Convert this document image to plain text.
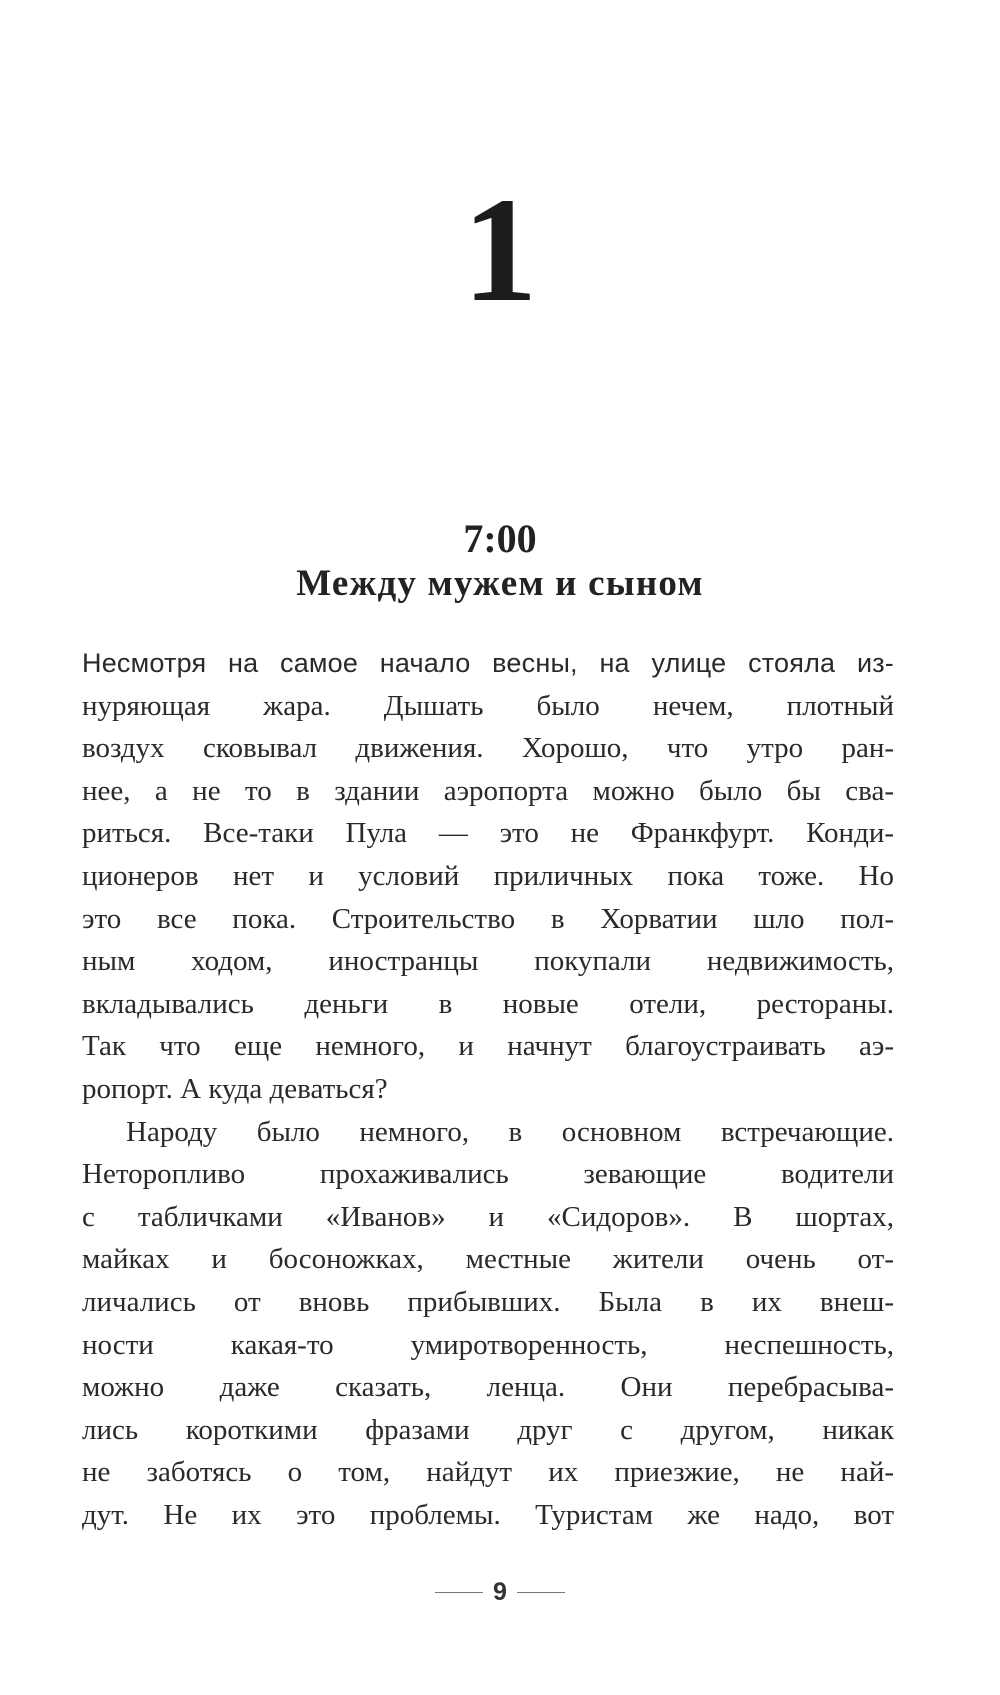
1
7:00
Между мужем и сыном
Несмотря на самое начало весны, на улице стояла из-
нуряющая жара. Дышать было нечем, плотный
воздух сковывал движения. Хорошо, что утро ран-
нее, а не то в здании аэропорта можно было бы сва-
риться. Все-таки Пула — это не Франкфурт. Конди-
ционеров нет и условий приличных пока тоже. Но
это все пока. Строительство в Хорватии шло пол-
ным ходом, иностранцы покупали недвижимость,
вкладывались деньги в новые отели, рестораны.
Так что еще немного, и начнут благоустраивать аэ-
ропорт. А куда деваться?
Народу было немного, в основном встречающие.
Неторопливо прохаживались зевающие водители
с табличками «Иванов» и «Сидоров». В шортах,
майках и босоножках, местные жители очень от-
личались от вновь прибывших. Была в их внеш-
ности какая-то умиротворенность, неспешность,
можно даже сказать, ленца. Они перебрасыва-
лись короткими фразами друг с другом, никак
не заботясь о том, найдут их приезжие, не най-
дут. Не их это проблемы. Туристам же надо, вот
9
